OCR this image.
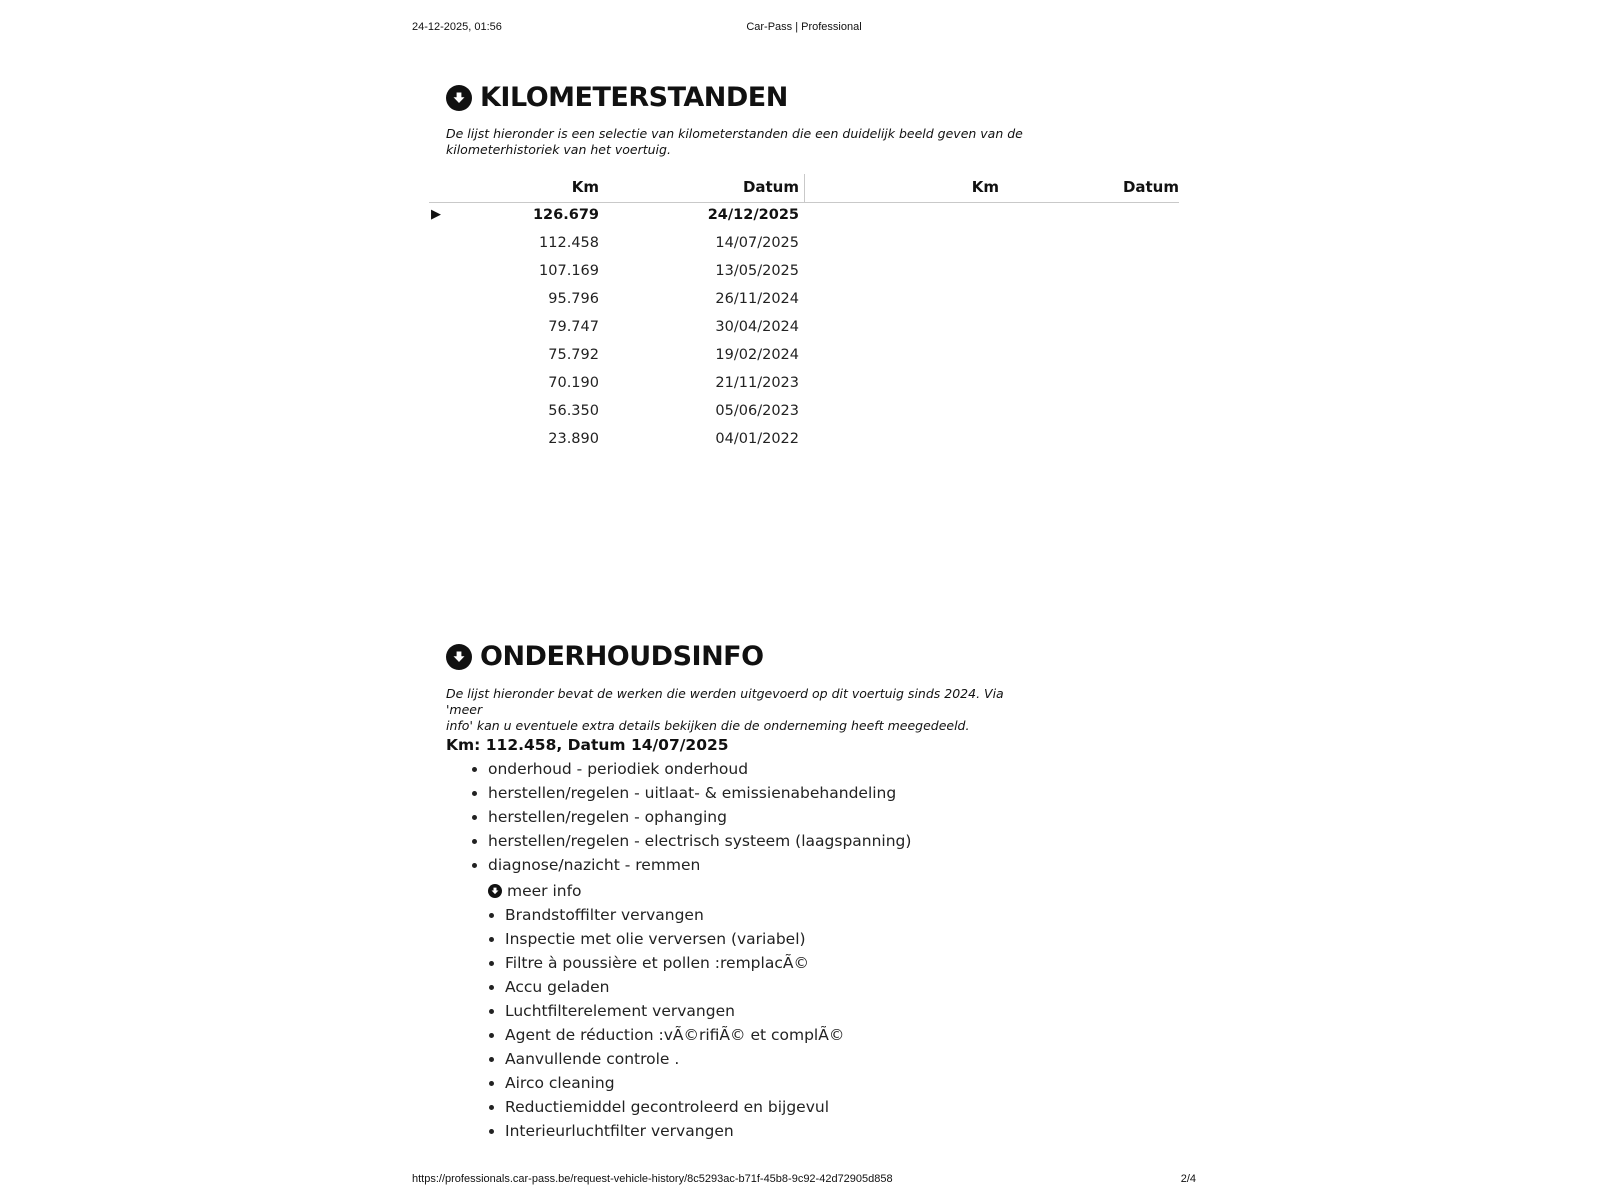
24-12-2025, 01:56	Car-Pass | Professional
KILOMETERSTANDEN
De lijst hieronder is een selectie van kilometerstanden die een duidelijk beeld geven van de
kilometerhistoriek van het voertuig.
Km	Datum	Km	Datum
▶	126.679	24/12/2025
112.458	14/07/2025
107.169	13/05/2025
95.796	26/11/2024
79.747	30/04/2024
75.792	19/02/2024
70.190	21/11/2023
56.350	05/06/2023
23.890	04/01/2022
ONDERHOUDSINFO
De lijst hieronder bevat de werken die werden uitgevoerd op dit voertuig sinds 2024. Via 'meer
info' kan u eventuele extra details bekijken die de onderneming heeft meegedeeld.
Km: 112.458, Datum 14/07/2025
• onderhoud - periodiek onderhoud
• herstellen/regelen - uitlaat- & emissienabehandeling
• herstellen/regelen - ophanging
• herstellen/regelen - electrisch systeem (laagspanning)
• diagnose/nazicht - remmen
meer info
• Brandstoffilter vervangen
• Inspectie met olie verversen (variabel)
• Filtre à poussière et pollen :remplacÃ©
• Accu geladen
• Luchtfilterelement vervangen
• Agent de réduction :vÃ©rifiÃ© et complÃ©
• Aanvullende controle .
• Airco cleaning
• Reductiemiddel gecontroleerd en bijgevul
• Interieurluchtfilter vervangen
https://professionals.car-pass.be/request-vehicle-history/8c5293ac-b71f-45b8-9c92-42d72905d858	2/4
